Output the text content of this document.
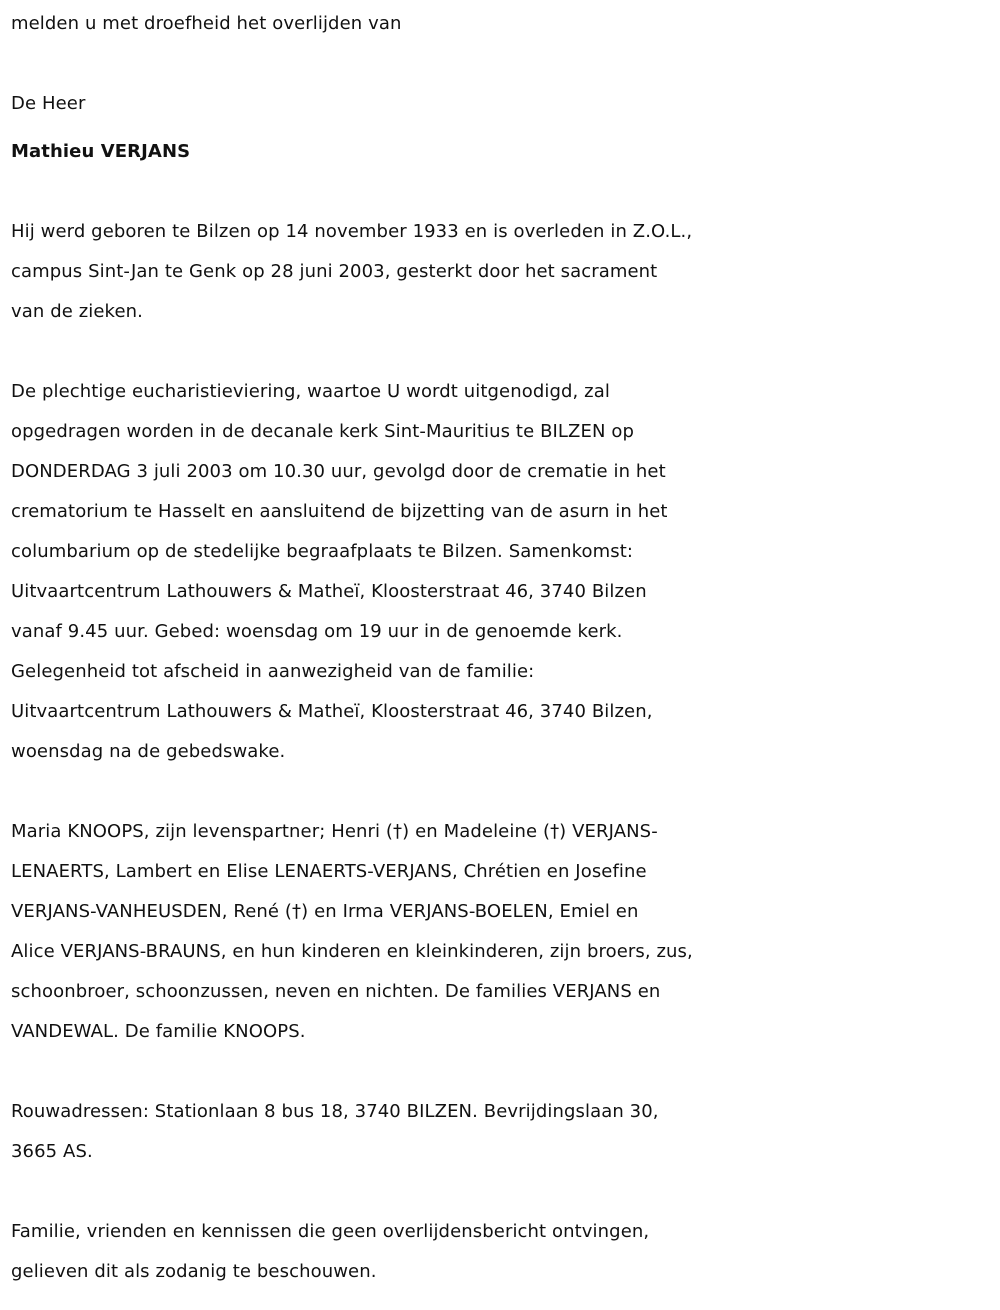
melden u met droefheid het overlijden van
De Heer
Mathieu VERJANS
Hij werd geboren te Bilzen op 14 november 1933 en is overleden in Z.O.L.,
campus Sint-Jan te Genk op 28 juni 2003, gesterkt door het sacrament
van de zieken.
De plechtige eucharistieviering, waartoe U wordt uitgenodigd, zal
opgedragen worden in de decanale kerk Sint-Mauritius te BILZEN op
DONDERDAG 3 juli 2003 om 10.30 uur, gevolgd door de crematie in het
crematorium te Hasselt en aansluitend de bijzetting van de asurn in het
columbarium op de stedelijke begraafplaats te Bilzen. Samenkomst:
Uitvaartcentrum Lathouwers & Matheï, Kloosterstraat 46, 3740 Bilzen
vanaf 9.45 uur. Gebed: woensdag om 19 uur in de genoemde kerk.
Gelegenheid tot afscheid in aanwezigheid van de familie:
Uitvaartcentrum Lathouwers & Matheï, Kloosterstraat 46, 3740 Bilzen,
woensdag na de gebedswake.
Maria KNOOPS, zijn levenspartner; Henri (†) en Madeleine (†) VERJANS-
LENAERTS, Lambert en Elise LENAERTS-VERJANS, Chrétien en Josefine
VERJANS-VANHEUSDEN, René (†) en Irma VERJANS-BOELEN, Emiel en
Alice VERJANS-BRAUNS, en hun kinderen en kleinkinderen, zijn broers, zus,
schoonbroer, schoonzussen, neven en nichten. De families VERJANS en
VANDEWAL. De familie KNOOPS.
Rouwadressen: Stationlaan 8 bus 18, 3740 BILZEN. Bevrijdingslaan 30,
3665 AS.
Familie, vrienden en kennissen die geen overlijdensbericht ontvingen,
gelieven dit als zodanig te beschouwen.
